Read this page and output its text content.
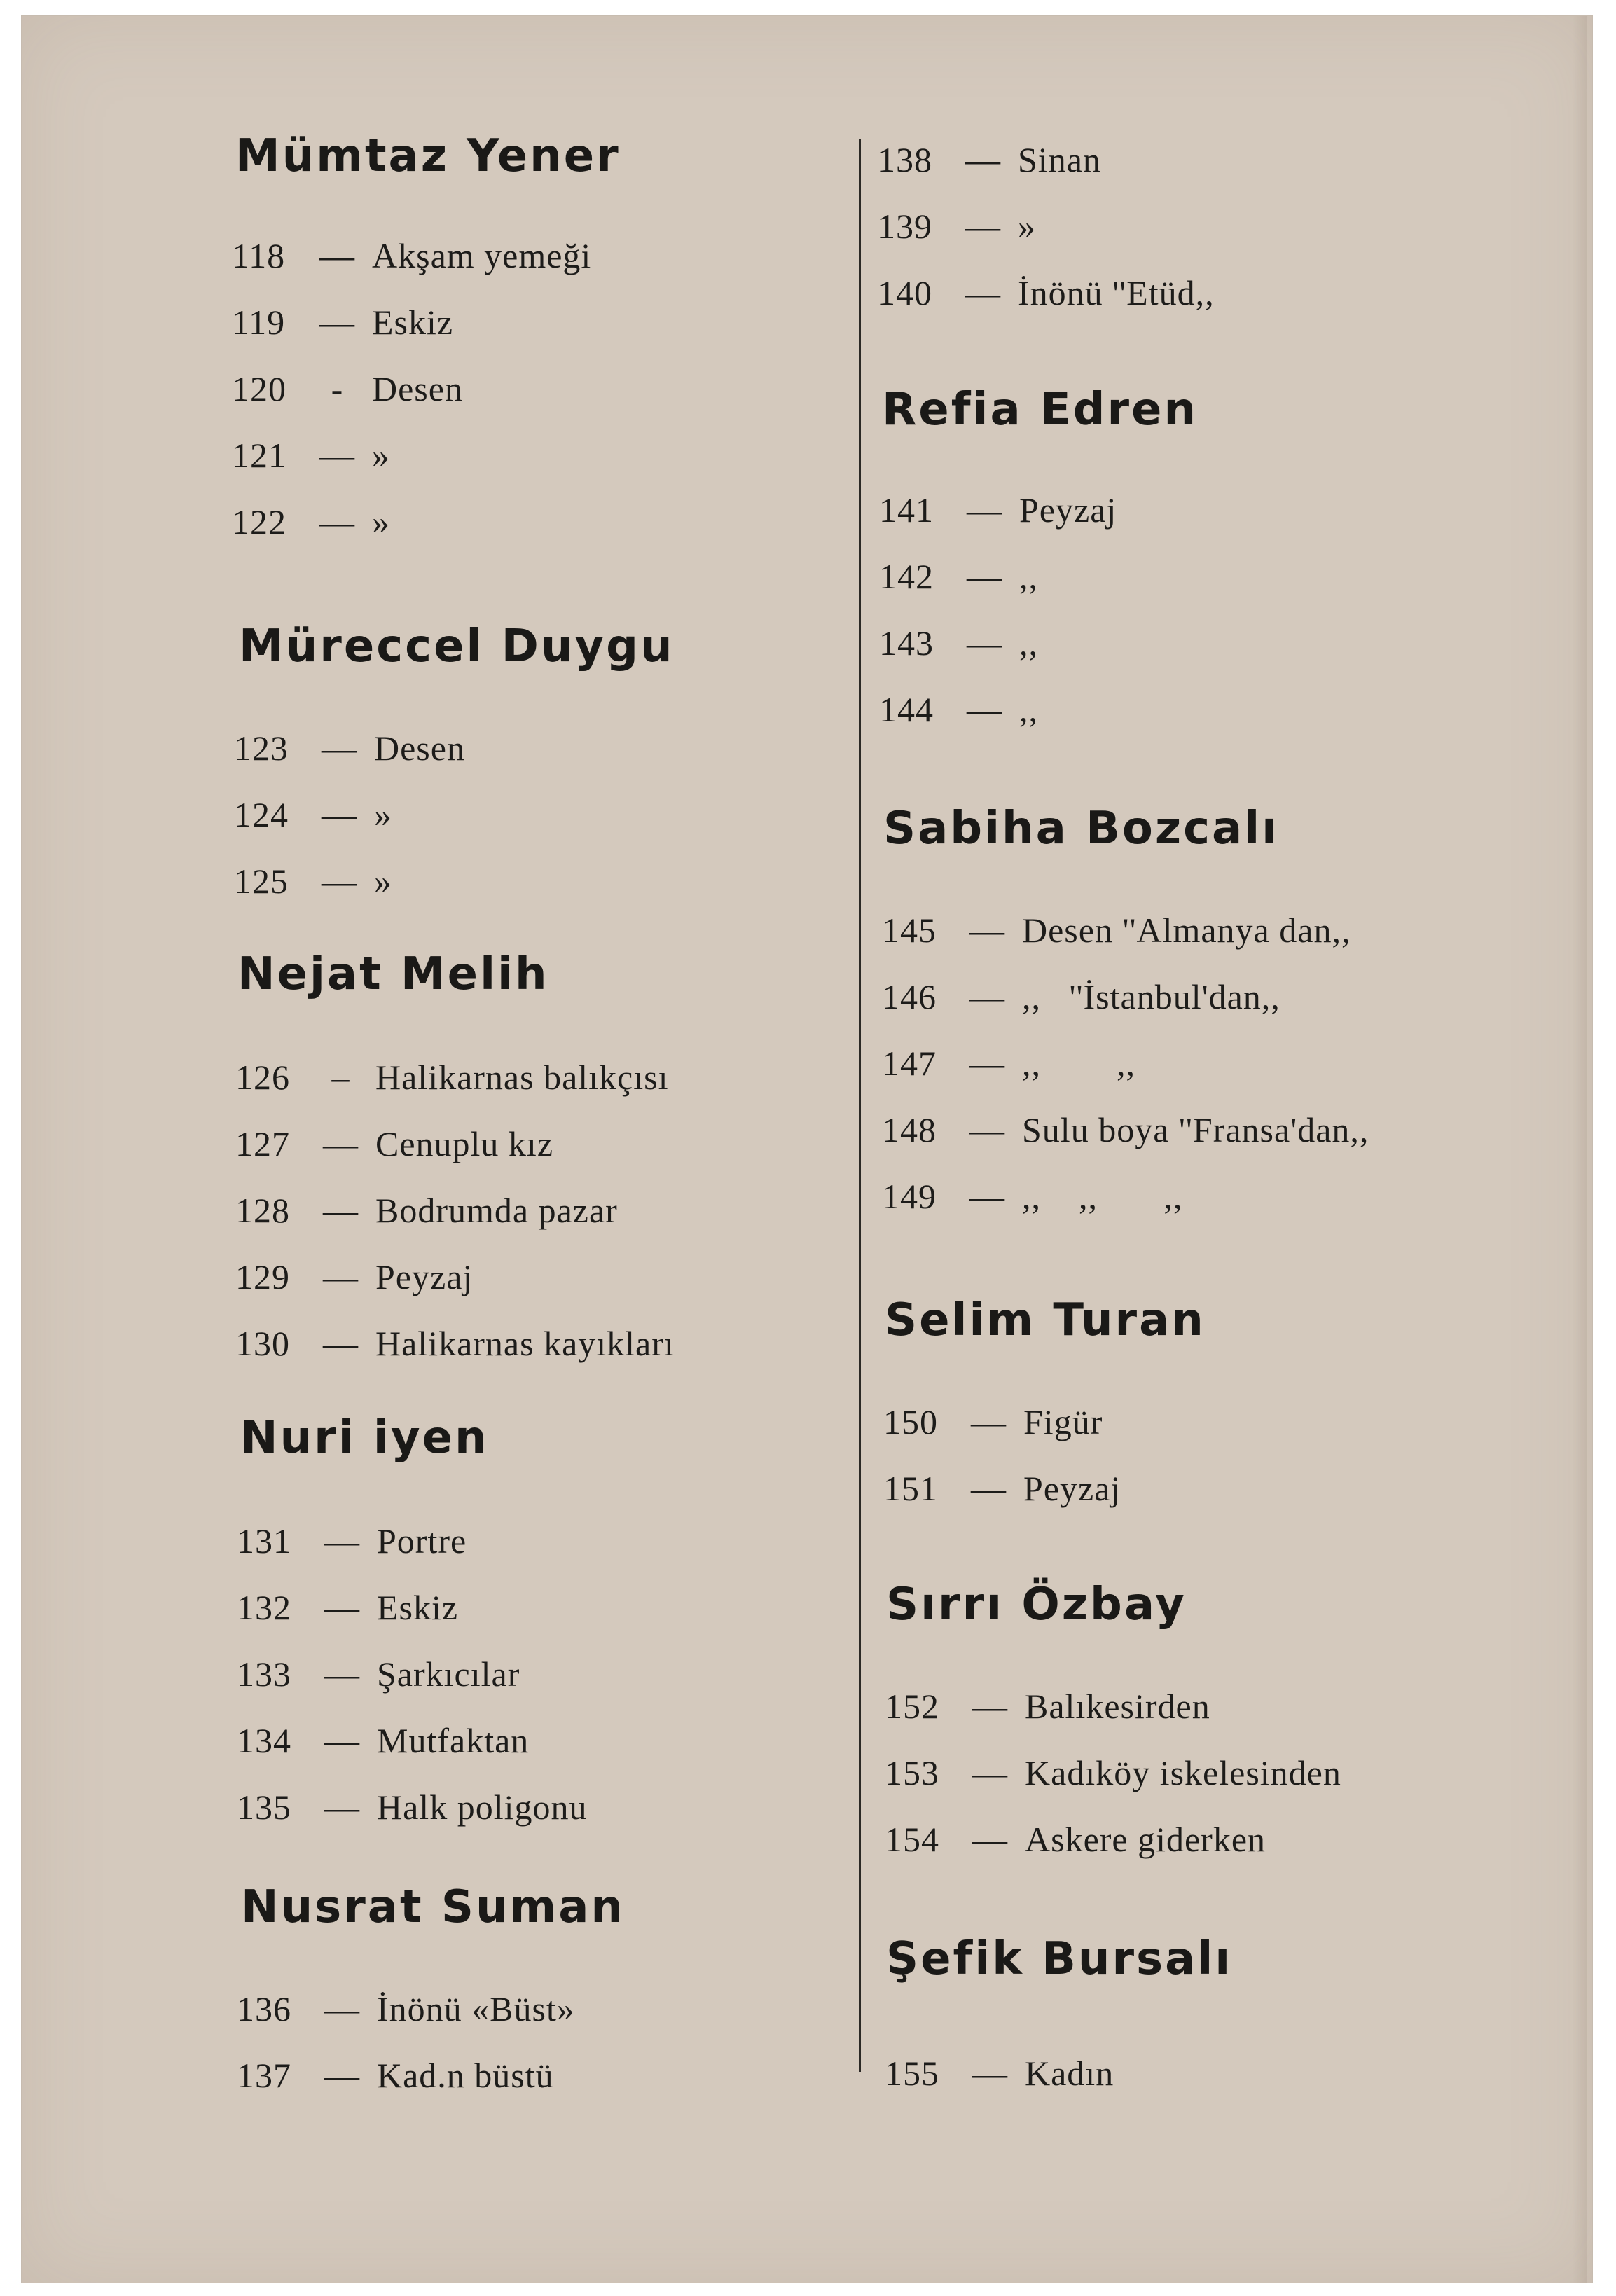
Mümtaz Yener
118 — Akşam yemeği
119 — Eskiz
120 - Desen
121 — »
122 — »
Müreccel Duygu
123 — Desen
124 — »
125 — »
Nejat Melih
126 – Halikarnas balıkçısı
127 — Cenuplu kız
128 — Bodrumda pazar
129 — Peyzaj
130 — Halikarnas kayıkları
Nuri iyen
131 — Portre
132 — Eskiz
133 — Şarkıcılar
134 — Mutfaktan
135 — Halk poligonu
Nusrat Suman
136 — İnönü «Büst»
137 — Kad.n büstü
138 — Sinan
139 — »
140 — İnönü ''Etüd,,
Refia Edren
141 — Peyzaj
142 — ,,
143 — ,,
144 — ,,
Sabiha Bozcalı
145 — Desen ''Almanya dan,,
146 — ,,   ''İstanbul'dan,,
147 — ,,        ,,
148 — Sulu boya ''Fransa'dan,,
149 — ,,    ,,       ,,
Selim Turan
150 — Figür
151 — Peyzaj
Sırrı Özbay
152 — Balıkesirden
153 — Kadıköy iskelesinden
154 — Askere giderken
Şefik Bursalı
155 — Kadın
